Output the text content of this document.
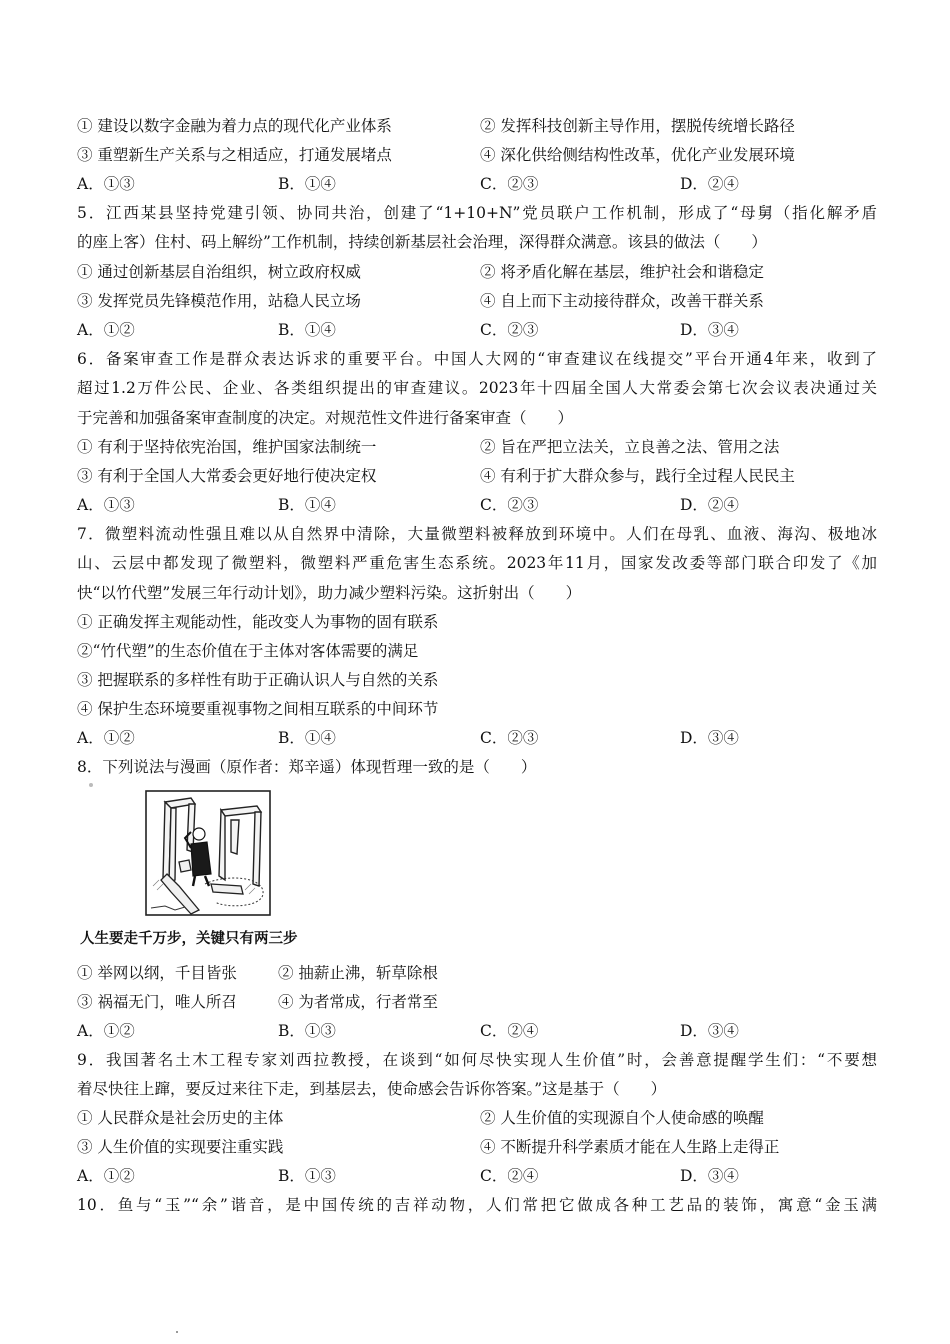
① 建设以数字金融为着力点的现代化产业体系	② 发挥科技创新主导作用，摆脱传统增长路径
③ 重塑新生产关系与之相适应，打通发展堵点	④ 深化供给侧结构性改革，优化产业发展环境
A．①③	B．①④	C．②③	D．②④
5．江西某县坚持党建引领、协同共治，创建了“1+10+N”党员联户工作机制，形成了“母舅（指化解矛盾
的座上客）住村、码上解纷”工作机制，持续创新基层社会治理，深得群众满意。该县的做法（　　）
① 通过创新基层自治组织，树立政府权威	② 将矛盾化解在基层，维护社会和谐稳定
③ 发挥党员先锋模范作用，站稳人民立场	④ 自上而下主动接待群众，改善干群关系
A．①②	B．①④	C．②③	D．③④
6．备案审查工作是群众表达诉求的重要平台。中国人大网的“审查建议在线提交”平台开通4年来，收到了
超过1.2万件公民、企业、各类组织提出的审查建议。2023年十四届全国人大常委会第七次会议表决通过关
于完善和加强备案审查制度的决定。对规范性文件进行备案审查（　　）
① 有利于坚持依宪治国，维护国家法制统一	② 旨在严把立法关，立良善之法、管用之法
③ 有利于全国人大常委会更好地行使决定权	④ 有利于扩大群众参与，践行全过程人民民主
A．①③	B．①④	C．②③	D．②④
7．微塑料流动性强且难以从自然界中清除，大量微塑料被释放到环境中。人们在母乳、血液、海沟、极地冰
山、云层中都发现了微塑料，微塑料严重危害生态系统。2023年11月，国家发改委等部门联合印发了《加
快“以竹代塑”发展三年行动计划》，助力减少塑料污染。这折射出（　　）
① 正确发挥主观能动性，能改变人为事物的固有联系
②“竹代塑”的生态价值在于主体对客体需要的满足
③ 把握联系的多样性有助于正确认识人与自然的关系
④ 保护生态环境要重视事物之间相互联系的中间环节
A．①②	B．①④	C．②③	D．③④
8．下列说法与漫画（原作者：郑辛遥）体现哲理一致的是（　　）
人生要走千万步，关键只有两三步
① 举网以纲，千目皆张	② 抽薪止沸，斩草除根
③ 祸福无门，唯人所召	④ 为者常成，行者常至
A．①②	B．①③	C．②④	D．③④
9．我国著名土木工程专家刘西拉教授，在谈到“如何尽快实现人生价值”时，会善意提醒学生们：“不要想
着尽快往上蹿，要反过来往下走，到基层去，使命感会告诉你答案。”这是基于（　　）
① 人民群众是社会历史的主体	② 人生价值的实现源自个人使命感的唤醒
③ 人生价值的实现要注重实践	④ 不断提升科学素质才能在人生路上走得正
A．①②	B．①③	C．②④	D．③④
10．鱼与“玉”“余”谐音，是中国传统的吉祥动物，人们常把它做成各种工艺品的装饰，寓意“金玉满
